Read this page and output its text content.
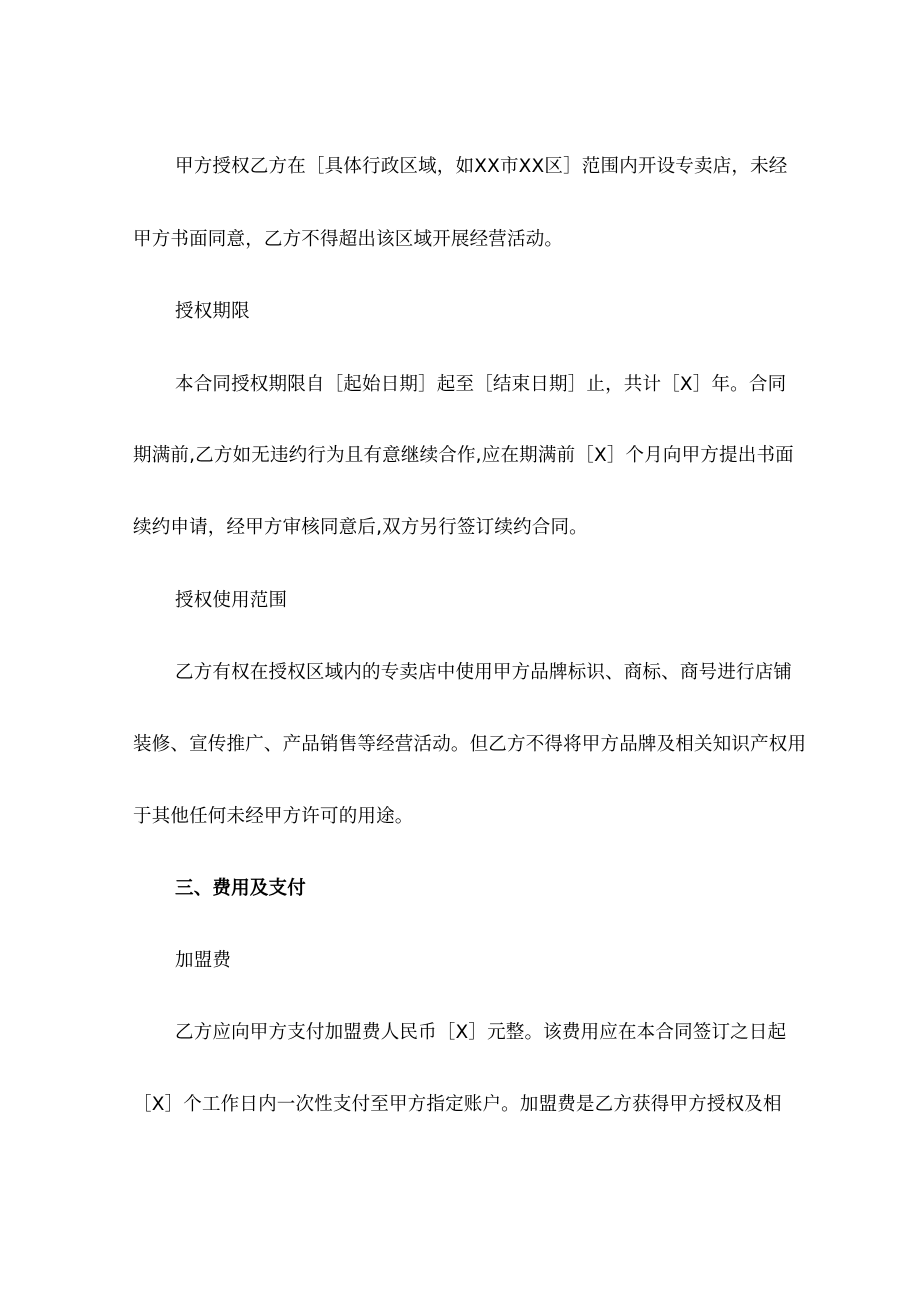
甲方授权乙方在［具体行政区域，如XX市XX区］范围内开设专卖店，未经
甲方书面同意，乙方不得超出该区域开展经营活动。
授权期限
本合同授权期限自［起始日期］起至［结束日期］止，共计［X］年。合同
期满前,乙方如无违约行为且有意继续合作,应在期满前［X］个月向甲方提出书面
续约申请，经甲方审核同意后,双方另行签订续约合同。
授权使用范围
乙方有权在授权区域内的专卖店中使用甲方品牌标识、商标、商号进行店铺
装修、宣传推广、产品销售等经营活动。但乙方不得将甲方品牌及相关知识产权用
于其他任何未经甲方许可的用途。
三、费用及支付
加盟费
乙方应向甲方支付加盟费人民币［X］元整。该费用应在本合同签订之日起
［X］个工作日内一次性支付至甲方指定账户。加盟费是乙方获得甲方授权及相
